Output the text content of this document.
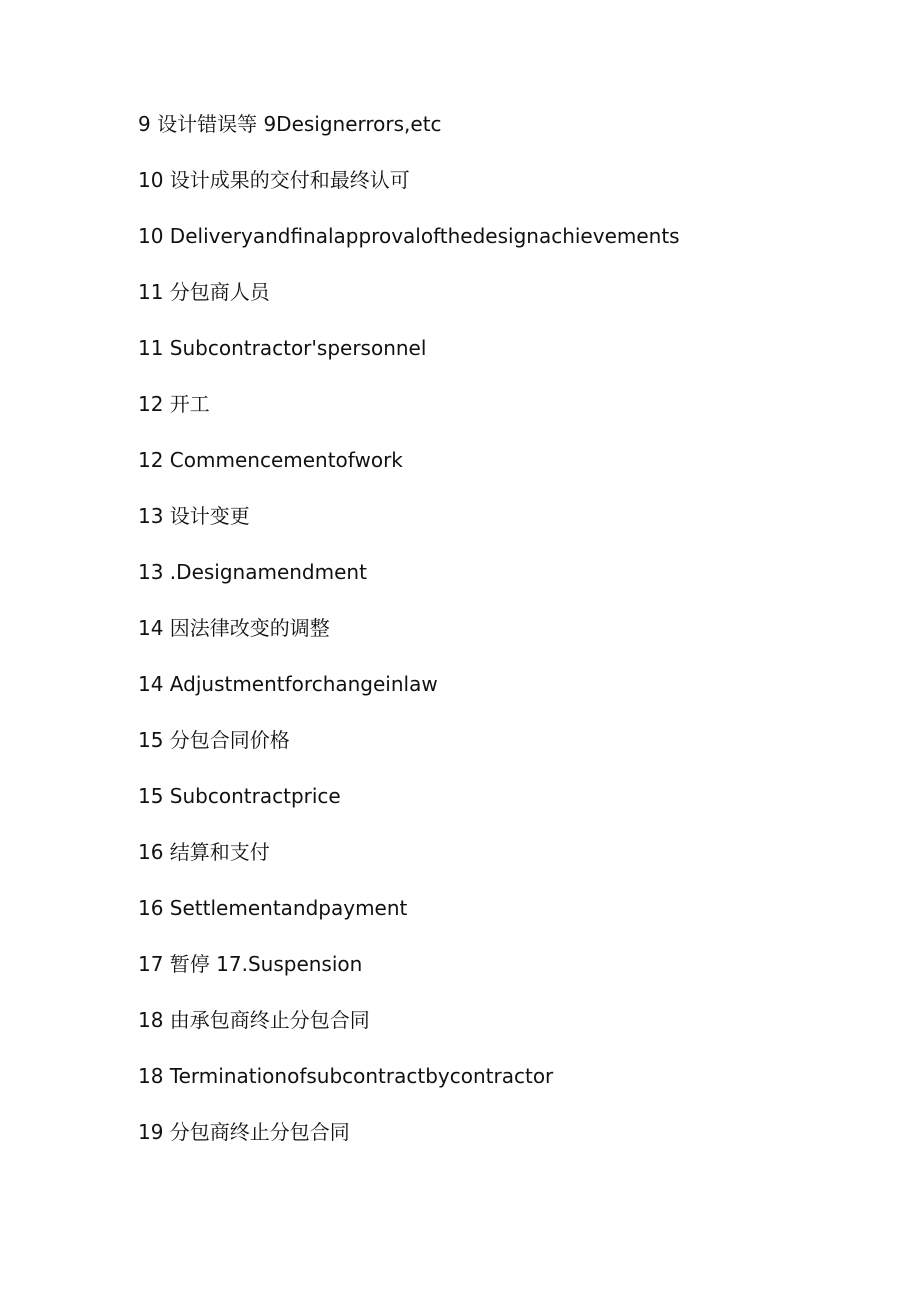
9 设计错误等 9Designerrors,etc
10 设计成果的交付和最终认可
10 Deliveryandfinalapprovalofthedesignachievements
11 分包商人员
11 Subcontractor'spersonnel
12 开工
12 Commencementofwork
13 设计变更
13 .Designamendment
14 因法律改变的调整
14 Adjustmentforchangeinlaw
15 分包合同价格
15 Subcontractprice
16 结算和支付
16 Settlementandpayment
17 暂停 17.Suspension
18 由承包商终止分包合同
18 Terminationofsubcontractbycontractor
19 分包商终止分包合同
